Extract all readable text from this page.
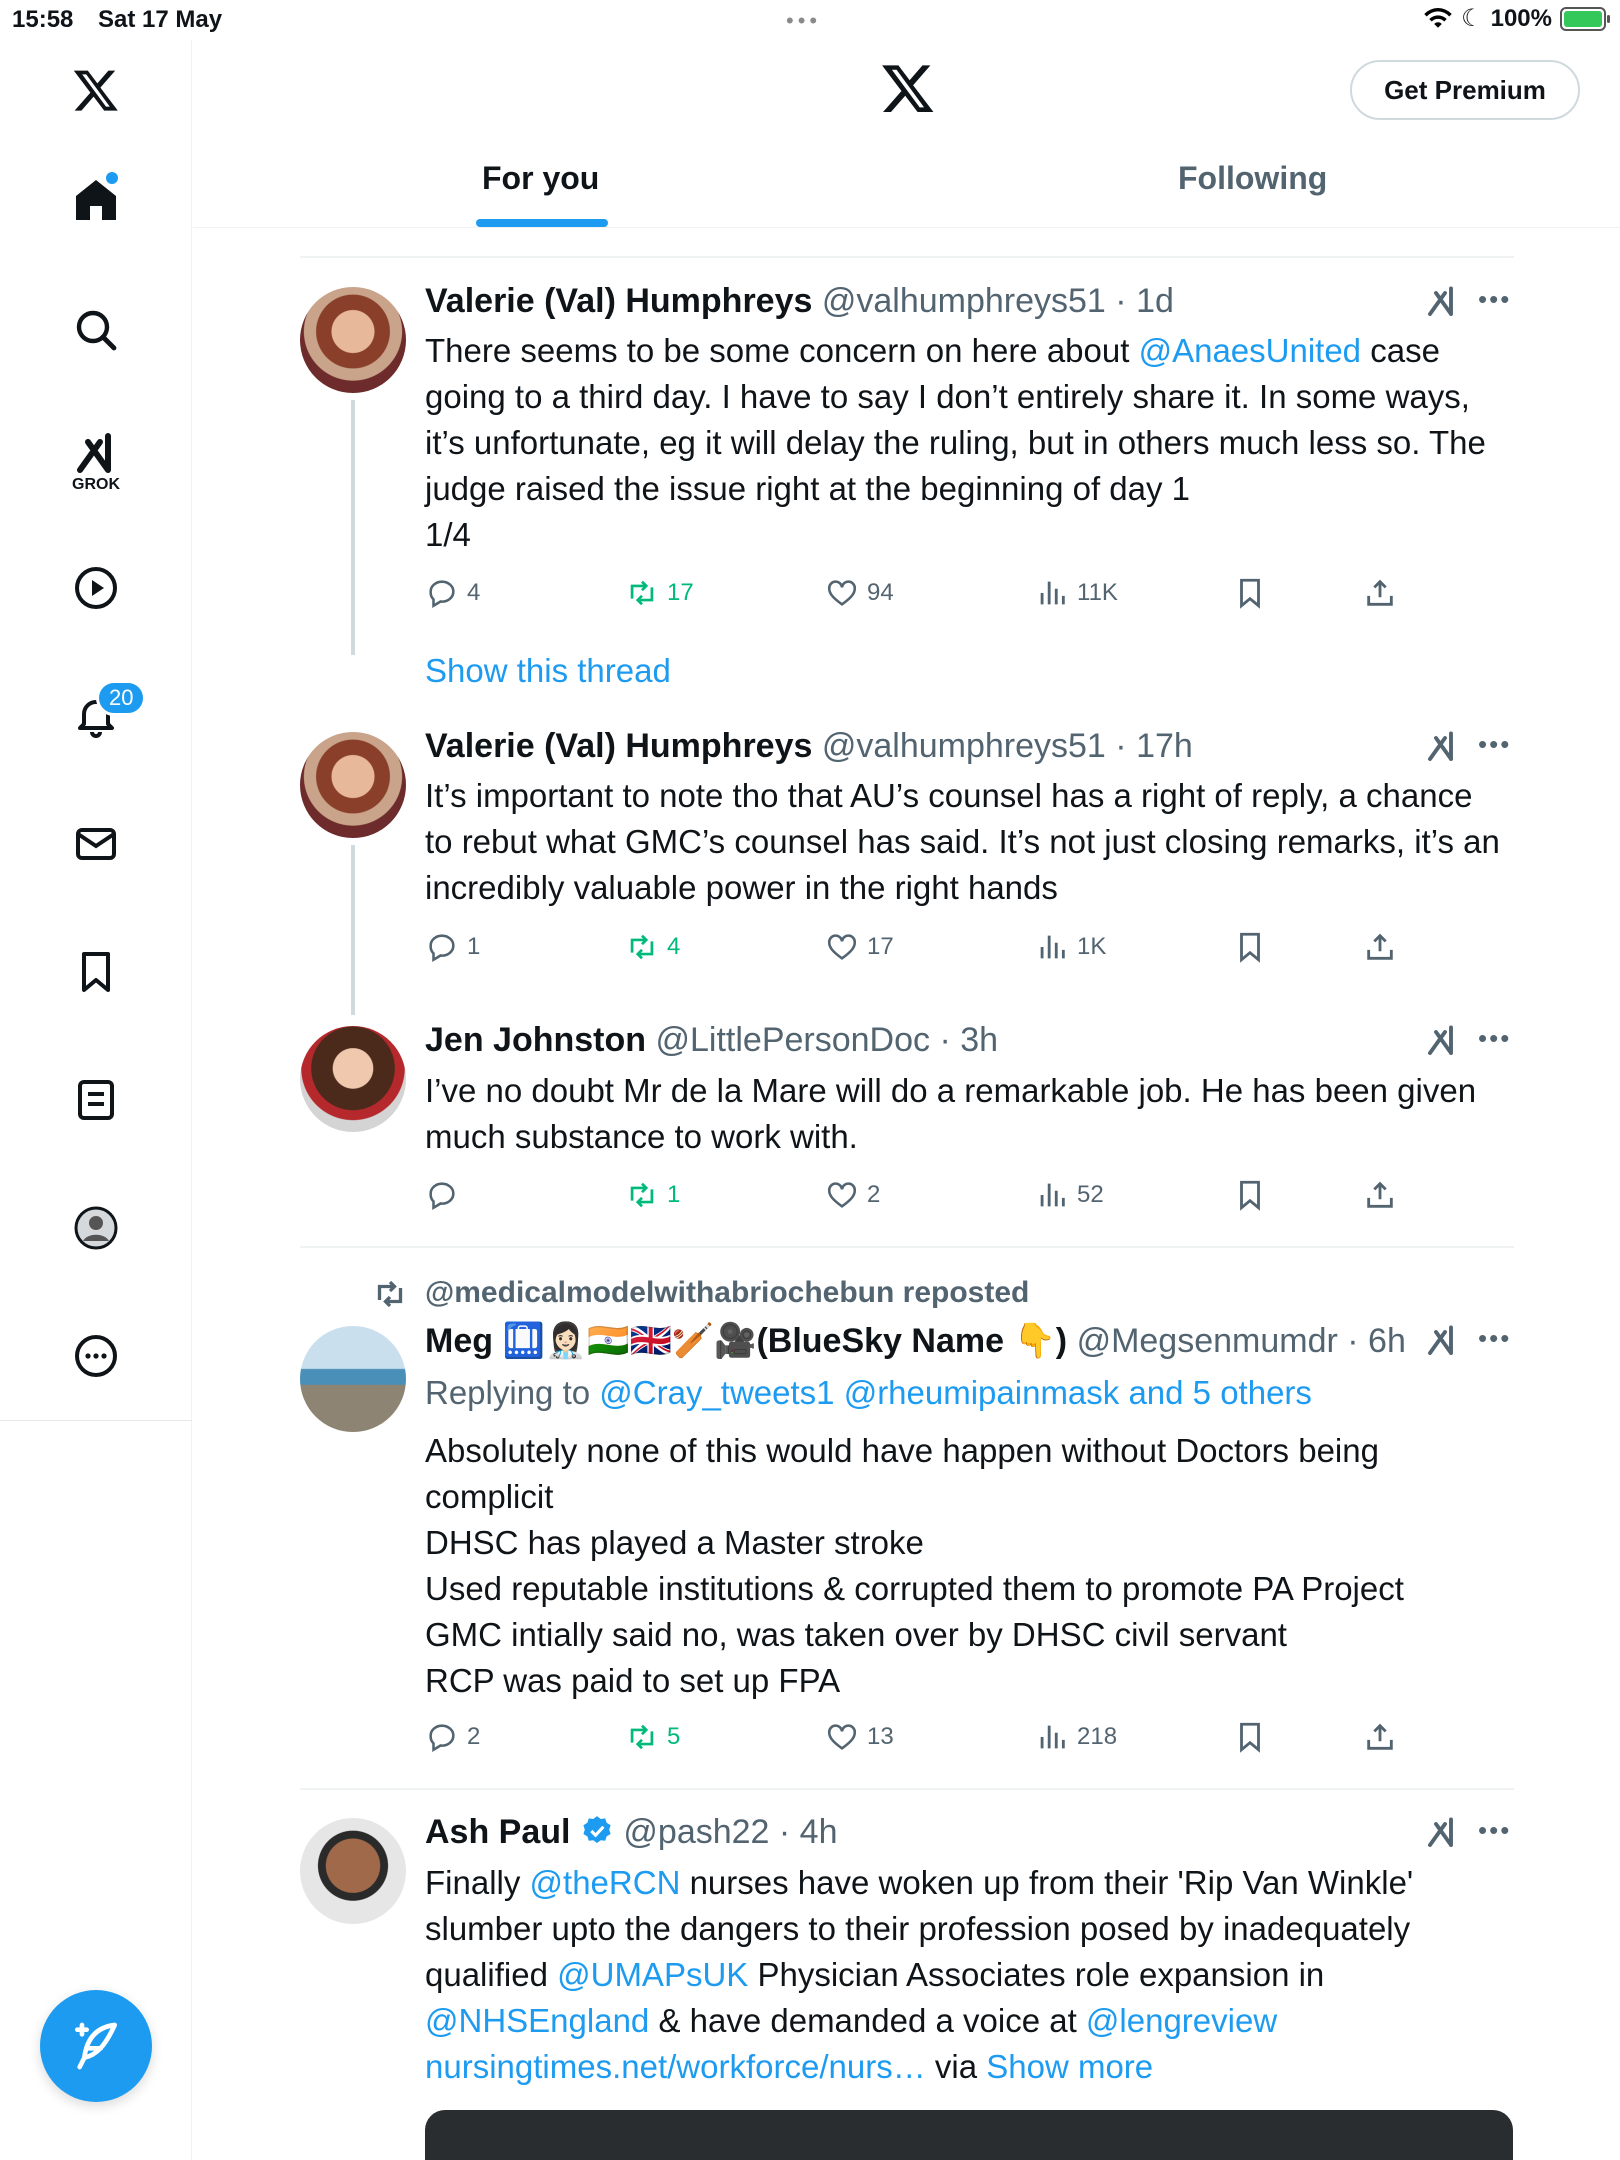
15:58 Sat 17 May	•••	☾ 100%
GROK
20
Get Premium
For you	Following
Valerie (Val) Humphreys @valhumphreys51 · 1d	•••
There seems to be some concern on here about @AnaesUnited case going to a third day. I have to say I don’t entirely share it. In some ways, it’s unfortunate, eg it will delay the ruling, but in others much less so. The judge raised the issue right at the beginning of day 1
1/4
4	17	94	11K
Show this thread
Valerie (Val) Humphreys @valhumphreys51 · 17h	•••
It’s important to note tho that AU’s counsel has a right of reply, a chance to rebut what GMC’s counsel has said. It’s not just closing remarks, it’s an incredibly valuable power in the right hands
1	4	17	1K
Jen Johnston @LittlePersonDoc · 3h	•••
I’ve no doubt Mr de la Mare will do a remarkable job. He has been given much substance to work with.
1	2	52
@medicalmodelwithabriochebun reposted
Meg 🛄👩🏻‍⚕️🇮🇳🇬🇧🏏🎥(BlueSky Name 👇) @Megsenmumdr · 6h	•••
Replying to @Cray_tweets1 @rheumipainmask and 5 others
Absolutely none of this would have happen without Doctors being complicit
DHSC has played a Master stroke
Used reputable institutions & corrupted them to promote PA Project
GMC intially said no, was taken over by DHSC civil servant
RCP was paid to set up FPA
2	5	13	218
Ash Paul @pash22 · 4h	•••
Finally @theRCN nurses have woken up from their 'Rip Van Winkle' slumber upto the dangers to their profession posed by inadequately qualified @UMAPsUK Physician Associates role expansion in @NHSEngland & have demanded a voice at @lengreview
nursingtimes.net/workforce/nurs… via Show more
